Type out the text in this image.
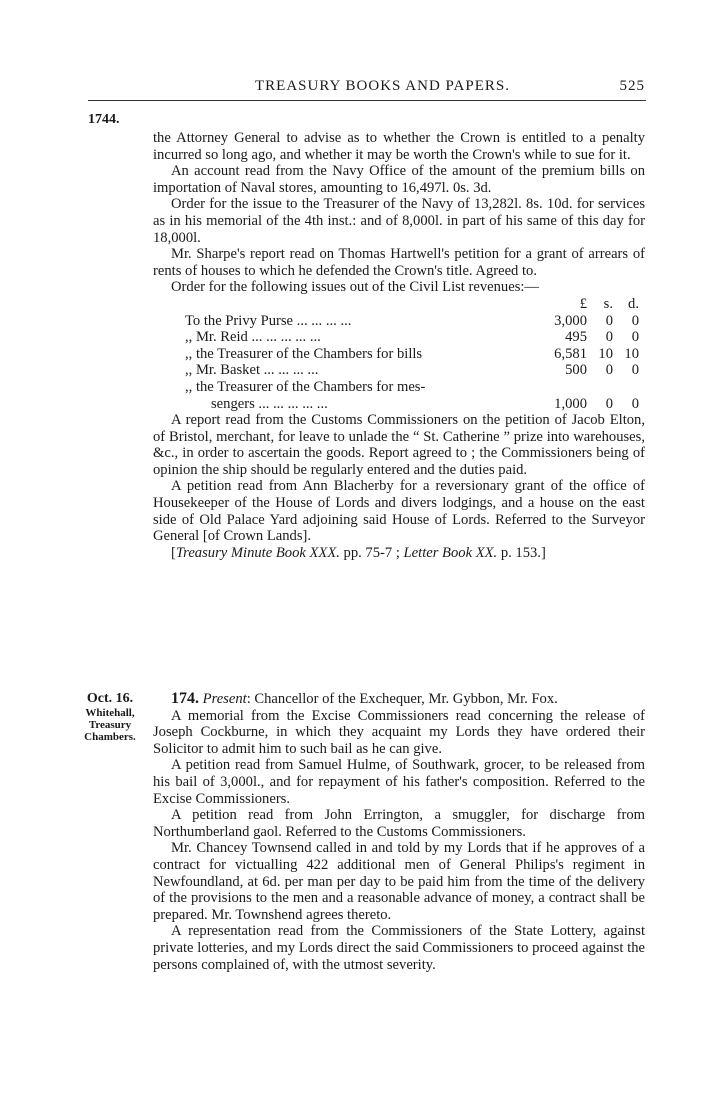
TREASURY BOOKS AND PAPERS.	525
1744.

the Attorney General to advise as to whether the Crown is entitled to a penalty incurred so long ago, and whether it may be worth the Crown's while to sue for it.

An account read from the Navy Office of the amount of the premium bills on importation of Naval stores, amounting to 16,497l. 0s. 3d.

Order for the issue to the Treasurer of the Navy of 13,282l. 8s. 10d. for services as in his memorial of the 4th inst.: and of 8,000l. in part of his same of this day for 18,000l.

Mr. Sharpe's report read on Thomas Hartwell's petition for a grant of arrears of rents of houses to which he defended the Crown's title. Agreed to.

Order for the following issues out of the Civil List revenues:—

	£	s.	d.
To the Privy Purse ... ... ... ...	3,000	0	0
,, Mr. Reid ... ... ... ... ...	495	0	0
,, the Treasurer of the Chambers for bills	6,581	10	10
,, Mr. Basket ... ... ... ...	500	0	0
,, the Treasurer of the Chambers for mes-			
sengers ... ... ... ... ...	1,000	0	0

A report read from the Customs Commissioners on the petition of Jacob Elton, of Bristol, merchant, for leave to unlade the “ St. Catherine ” prize into warehouses, &c., in order to ascertain the goods. Report agreed to ; the Commissioners being of opinion the ship should be regularly entered and the duties paid.

A petition read from Ann Blacherby for a reversionary grant of the office of Housekeeper of the House of Lords and divers lodgings, and a house on the east side of Old Palace Yard adjoining said House of Lords. Referred to the Surveyor General [of Crown Lands].

[Treasury Minute Book XXX. pp. 75-7 ; Letter Book XX. p. 153.]

Oct. 16.
Whitehall,
Treasury
Chambers.

174. Present: Chancellor of the Exchequer, Mr. Gybbon, Mr. Fox.

A memorial from the Excise Commissioners read concerning the release of Joseph Cockburne, in which they acquaint my Lords they have ordered their Solicitor to admit him to such bail as he can give.

A petition read from Samuel Hulme, of Southwark, grocer, to be released from his bail of 3,000l., and for repayment of his father's composition. Referred to the Excise Commissioners.

A petition read from John Errington, a smuggler, for discharge from Northumberland gaol. Referred to the Customs Commissioners.

Mr. Chancey Townsend called in and told by my Lords that if he approves of a contract for victualling 422 additional men of General Philips's regiment in Newfoundland, at 6d. per man per day to be paid him from the time of the delivery of the provisions to the men and a reasonable advance of money, a contract shall be prepared. Mr. Townshend agrees thereto.

A representation read from the Commissioners of the State Lottery, against private lotteries, and my Lords direct the said Commissioners to proceed against the persons complained of, with the utmost severity.
